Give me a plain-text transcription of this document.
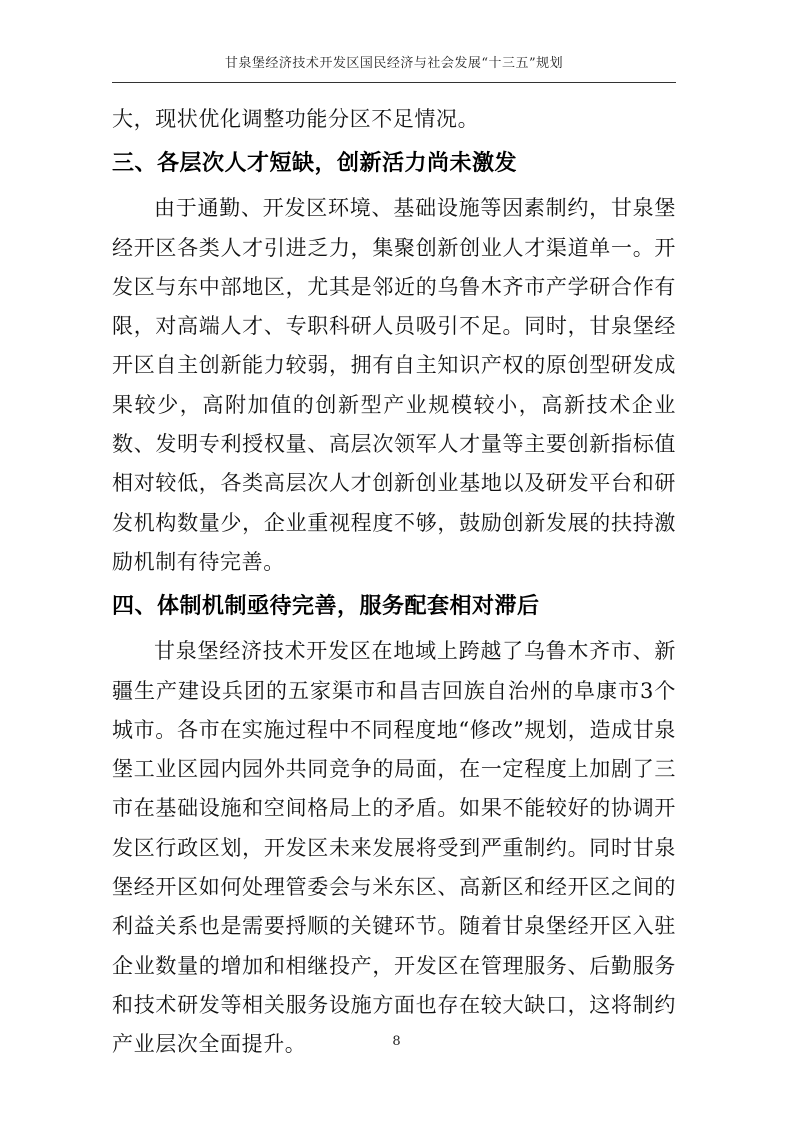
甘泉堡经济技术开发区国民经济与社会发展“十三五”规划

大，现状优化调整功能分区不足情况。

三、各层次人才短缺，创新活力尚未激发

由于通勤、开发区环境、基础设施等因素制约，甘泉堡经开区各类人才引进乏力，集聚创新创业人才渠道单一。开发区与东中部地区，尤其是邻近的乌鲁木齐市产学研合作有限，对高端人才、专职科研人员吸引不足。同时，甘泉堡经开区自主创新能力较弱，拥有自主知识产权的原创型研发成果较少，高附加值的创新型产业规模较小，高新技术企业数、发明专利授权量、高层次领军人才量等主要创新指标值相对较低，各类高层次人才创新创业基地以及研发平台和研发机构数量少，企业重视程度不够，鼓励创新发展的扶持激励机制有待完善。

四、体制机制亟待完善，服务配套相对滞后

甘泉堡经济技术开发区在地域上跨越了乌鲁木齐市、新疆生产建设兵团的五家渠市和昌吉回族自治州的阜康市3个城市。各市在实施过程中不同程度地“修改”规划，造成甘泉堡工业区园内园外共同竞争的局面，在一定程度上加剧了三市在基础设施和空间格局上的矛盾。如果不能较好的协调开发区行政区划，开发区未来发展将受到严重制约。同时甘泉堡经开区如何处理管委会与米东区、高新区和经开区之间的利益关系也是需要捋顺的关键环节。随着甘泉堡经开区入驻企业数量的增加和相继投产，开发区在管理服务、后勤服务和技术研发等相关服务设施方面也存在较大缺口，这将制约产业层次全面提升。	8
